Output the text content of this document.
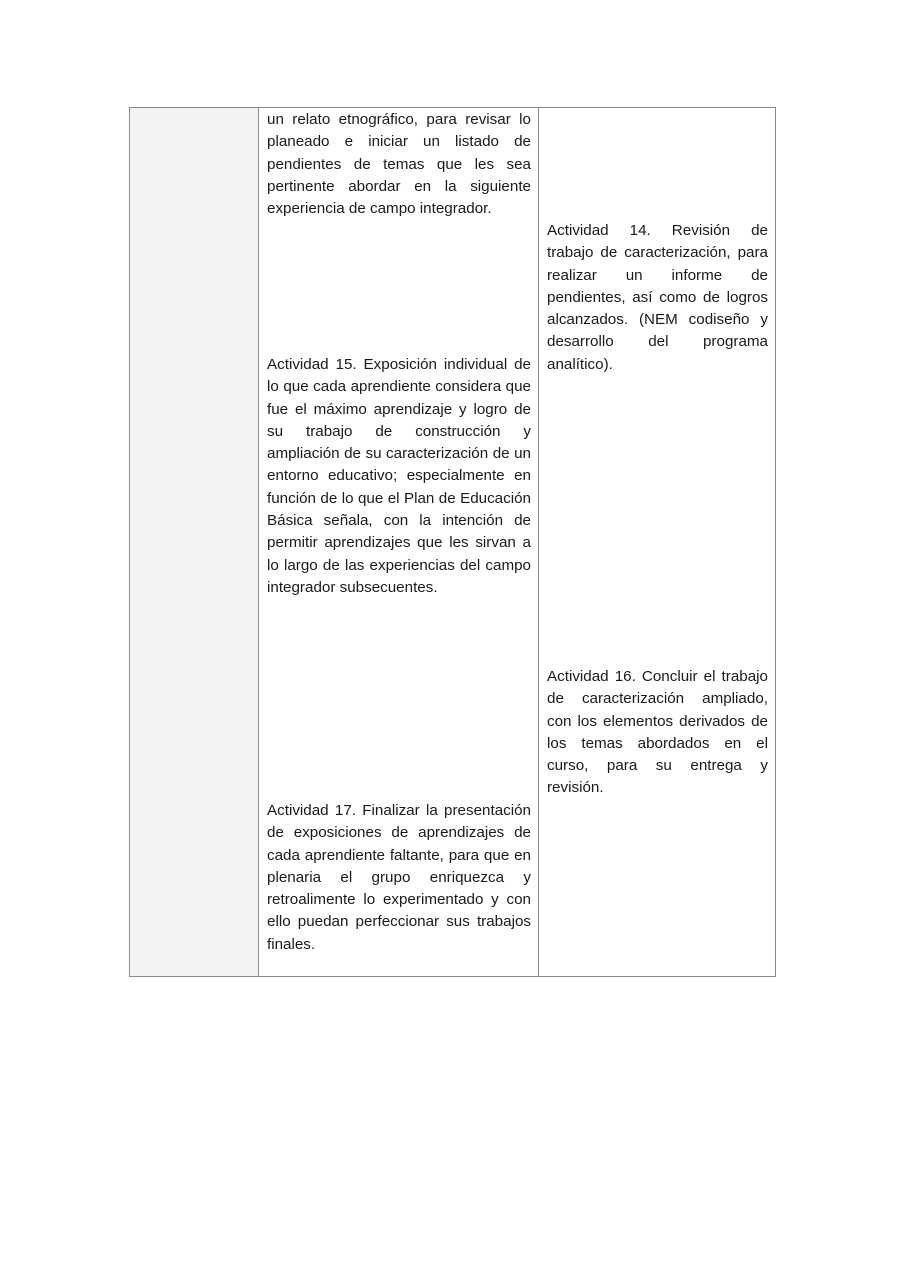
un relato etnográfico, para revisar lo planeado e iniciar un listado de pendientes de temas que les sea pertinente abordar en la siguiente experiencia de campo integrador.

Actividad 15. Exposición individual de lo que cada aprendiente considera que fue el máximo aprendizaje y logro de su trabajo de construcción y ampliación de su caracterización de un entorno educativo; especialmente en función de lo que el Plan de Educación Básica señala, con la intención de permitir aprendizajes que les sirvan a lo largo de las experiencias del campo integrador subsecuentes.

Actividad 17. Finalizar la presentación de exposiciones de aprendizajes de cada aprendiente faltante, para que en plenaria el grupo enriquezca y retroalimente lo experimentado y con ello puedan perfeccionar sus trabajos finales.

Actividad 14. Revisión de trabajo de caracterización, para realizar un informe de pendientes, así como de logros alcanzados. (NEM codiseño y desarrollo del programa analítico).

Actividad 16. Concluir el trabajo de caracterización ampliado, con los elementos derivados de los temas abordados en el curso, para su entrega y revisión.
